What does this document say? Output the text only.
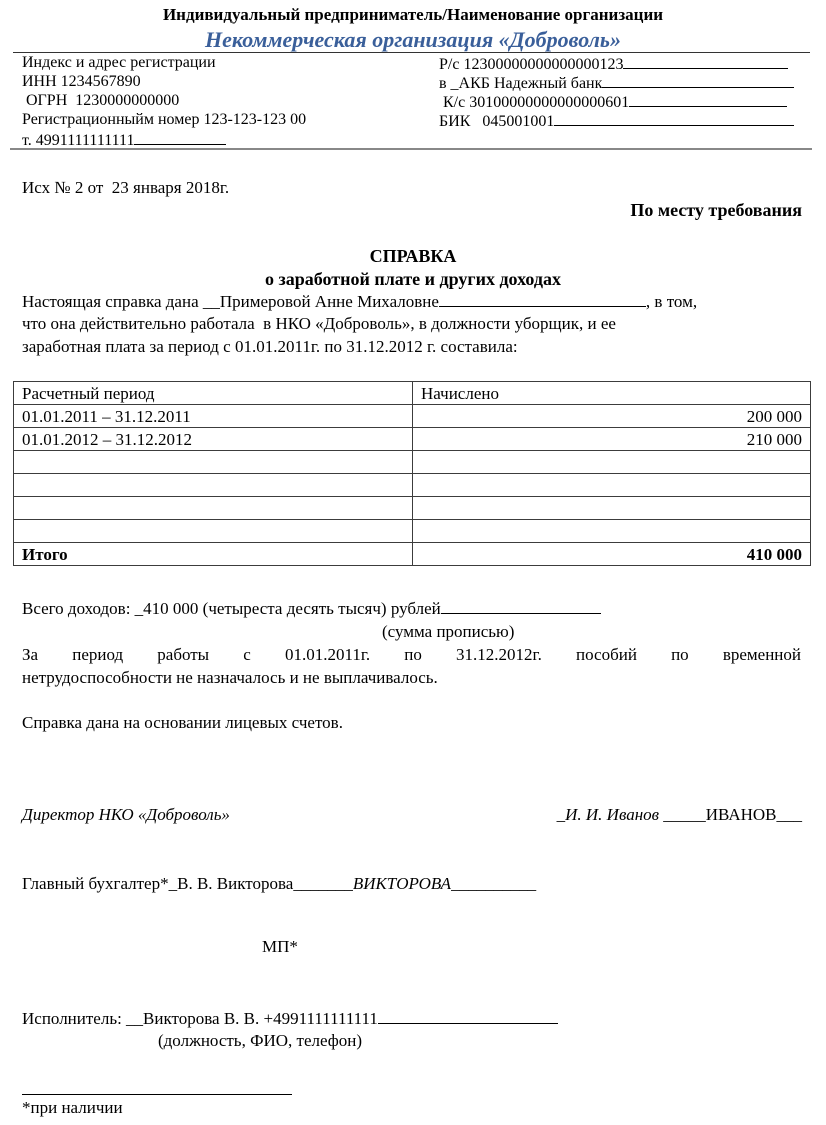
Индивидуальный предприниматель/Наименование организации
Некоммерческая организация «Доброволь»
Индекс и адрес регистрации
ИНН 1234567890
ОГРН  1230000000000
Регистрационныйм номер 123-123-123 00
т. 4991111111111
Р/с 12300000000000000123
в _АКБ Надежный банк
К/с 30100000000000000601
БИК   045001001
Исх № 2 от  23 января 2018г.
По месту требования
СПРАВКА
о заработной плате и других доходах
Настоящая справка дана __Примеровой Анне Михаловне	, в том,
что она действительно работала  в НКО «Доброволь», в должности уборщик, и ее
заработная плата за период с 01.01.2011г. по 31.12.2012 г. составила:
Расчетный период	Начислено
01.01.2011 – 31.12.2011	200 000
01.01.2012 – 31.12.2012	210 000

Итого	410 000
Всего доходов: _410 000 (четыреста десять тысяч) рублей
(сумма прописью)
За период работы с 01.01.2011г. по 31.12.2012г. пособий по временной
нетрудоспособности не назначалось и не выплачивалось.
Справка дана на основании лицевых счетов.
Директор НКО «Доброволь»	_И. И. Иванов _____ИВАНОВ___
Главный бухгалтер*_В. В. Викторова_______ВИКТОРОВА__________
МП*
Исполнитель: __Викторова В. В. +4991111111111
(должность, ФИО, телефон)
*при наличии
